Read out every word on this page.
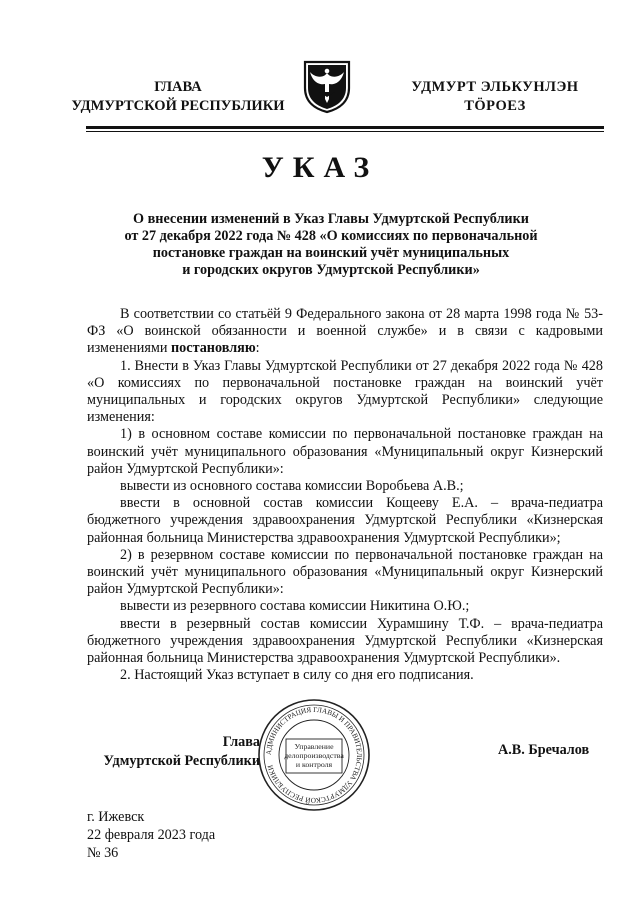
ГЛАВА
УДМУРТСКОЙ РЕСПУБЛИКИ
УДМУРТ ЭЛЬКУНЛЭН
ТӦРОЕЗ
УКАЗ
О внесении изменений в Указ Главы Удмуртской Республики
от 27 декабря 2022 года № 428 «О комиссиях по первоначальной
постановке граждан на воинский учёт муниципальных
и городских округов Удмуртской Республики»

В соответствии со статьёй 9 Федерального закона от 28 марта 1998 года № 53-ФЗ «О воинской обязанности и военной службе» и в связи с кадровыми изменениями постановляю:

1. Внести в Указ Главы Удмуртской Республики от 27 декабря 2022 года № 428 «О комиссиях по первоначальной постановке граждан на воинский учёт муниципальных и городских округов Удмуртской Республики» следующие изменения:

1) в основном составе комиссии по первоначальной постановке граждан на воинский учёт муниципального образования «Муниципальный округ Кизнерский район Удмуртской Республики»:

вывести из основного состава комиссии Воробьева А.В.;

ввести в основной состав комиссии Кощееву Е.А. – врача-педиатра бюджетного учреждения здравоохранения Удмуртской Республики «Кизнерская районная больница Министерства здравоохранения Удмуртской Республики»;

2) в резервном составе комиссии по первоначальной постановке граждан на воинский учёт муниципального образования «Муниципальный округ Кизнерский район Удмуртской Республики»:

вывести из резервного состава комиссии Никитина О.Ю.;

ввести в резервный состав комиссии Хурамшину Т.Ф. – врача-педиатра бюджетного учреждения здравоохранения Удмуртской Республики «Кизнерская районная больница Министерства здравоохранения Удмуртской Республики».

2. Настоящий Указ вступает в силу со дня его подписания.

Глава
Удмуртской Республики
АДМИНИСТРАЦИЯ ГЛАВЫ И ПРАВИТЕЛЬСТВА УДМУРТСКОЙ РЕСПУБЛИКИ
Управление
делопроизводства
и контроля
А.В. Бречалов
г. Ижевск
22 февраля 2023 года
№ 36
